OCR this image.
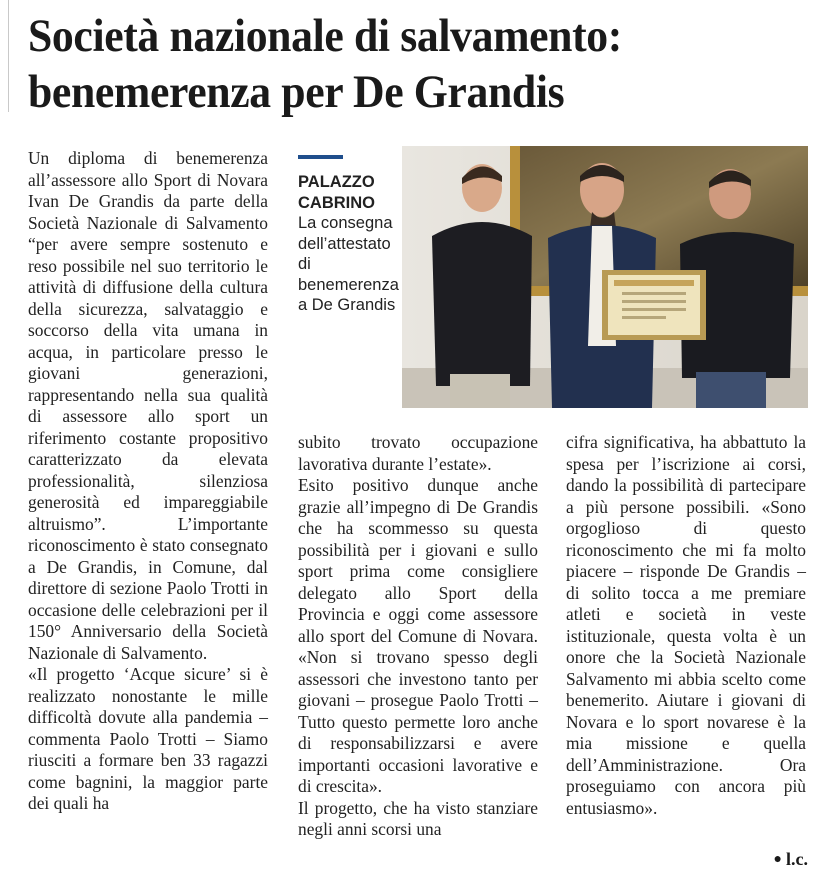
Società nazionale di salvamento:
benemerenza per De Grandis

Un diploma di benemerenza all’assessore allo Sport di Novara Ivan De Grandis da parte della Società Nazionale di Salvamento “per avere sempre sostenuto e reso possibile nel suo territorio le attività di diffusione della cultura della sicurezza, salvataggio e soccorso della vita umana in acqua, in particolare presso le giovani generazioni, rappresentando nella sua qualità di assessore allo sport un riferimento costante propositivo caratterizzato da elevata professionalità, silenziosa generosità ed impareggiabile altruismo”. L’importante riconoscimento è stato consegnato a De Grandis, in Comune, dal direttore di sezione Paolo Trotti in occasione delle celebrazioni per il 150° Anniversario della Società Nazionale di Salvamento.

«Il progetto ‘Acque sicure’ si è realizzato nonostante le mille difficoltà dovute alla pandemia – commenta Paolo Trotti – Siamo riusciti a formare ben 33 ragazzi come bagnini, la maggior parte dei quali ha

PALAZZO CABRINO
La consegna dell’attestato di benemerenza a De Grandis

subito trovato occupazione lavorativa durante l’estate».

Esito positivo dunque anche grazie all’impegno di De Grandis che ha scommesso su questa possibilità per i giovani e sullo sport prima come consigliere delegato allo Sport della Provincia e oggi come assessore allo sport del Comune di Novara. «Non si trovano spesso degli assessori che investono tanto per giovani – prosegue Paolo Trotti – Tutto questo permette loro anche di responsabilizzarsi e avere importanti occasioni lavorative e di crescita».

Il progetto, che ha visto stanziare negli anni scorsi una

cifra significativa, ha abbattuto la spesa per l’iscrizione ai corsi, dando la possibilità di partecipare a più persone possibili. «Sono orgoglioso di questo riconoscimento che mi fa molto piacere – risponde De Grandis – di solito tocca a me premiare atleti e società in veste istituzionale, questa volta è un onore che la Società Nazionale Salvamento mi abbia scelto come benemerito. Aiutare i giovani di Novara e lo sport novarese è la mia missione e quella dell’Amministrazione. Ora proseguiamo con ancora più entusiasmo».

● l.c.
